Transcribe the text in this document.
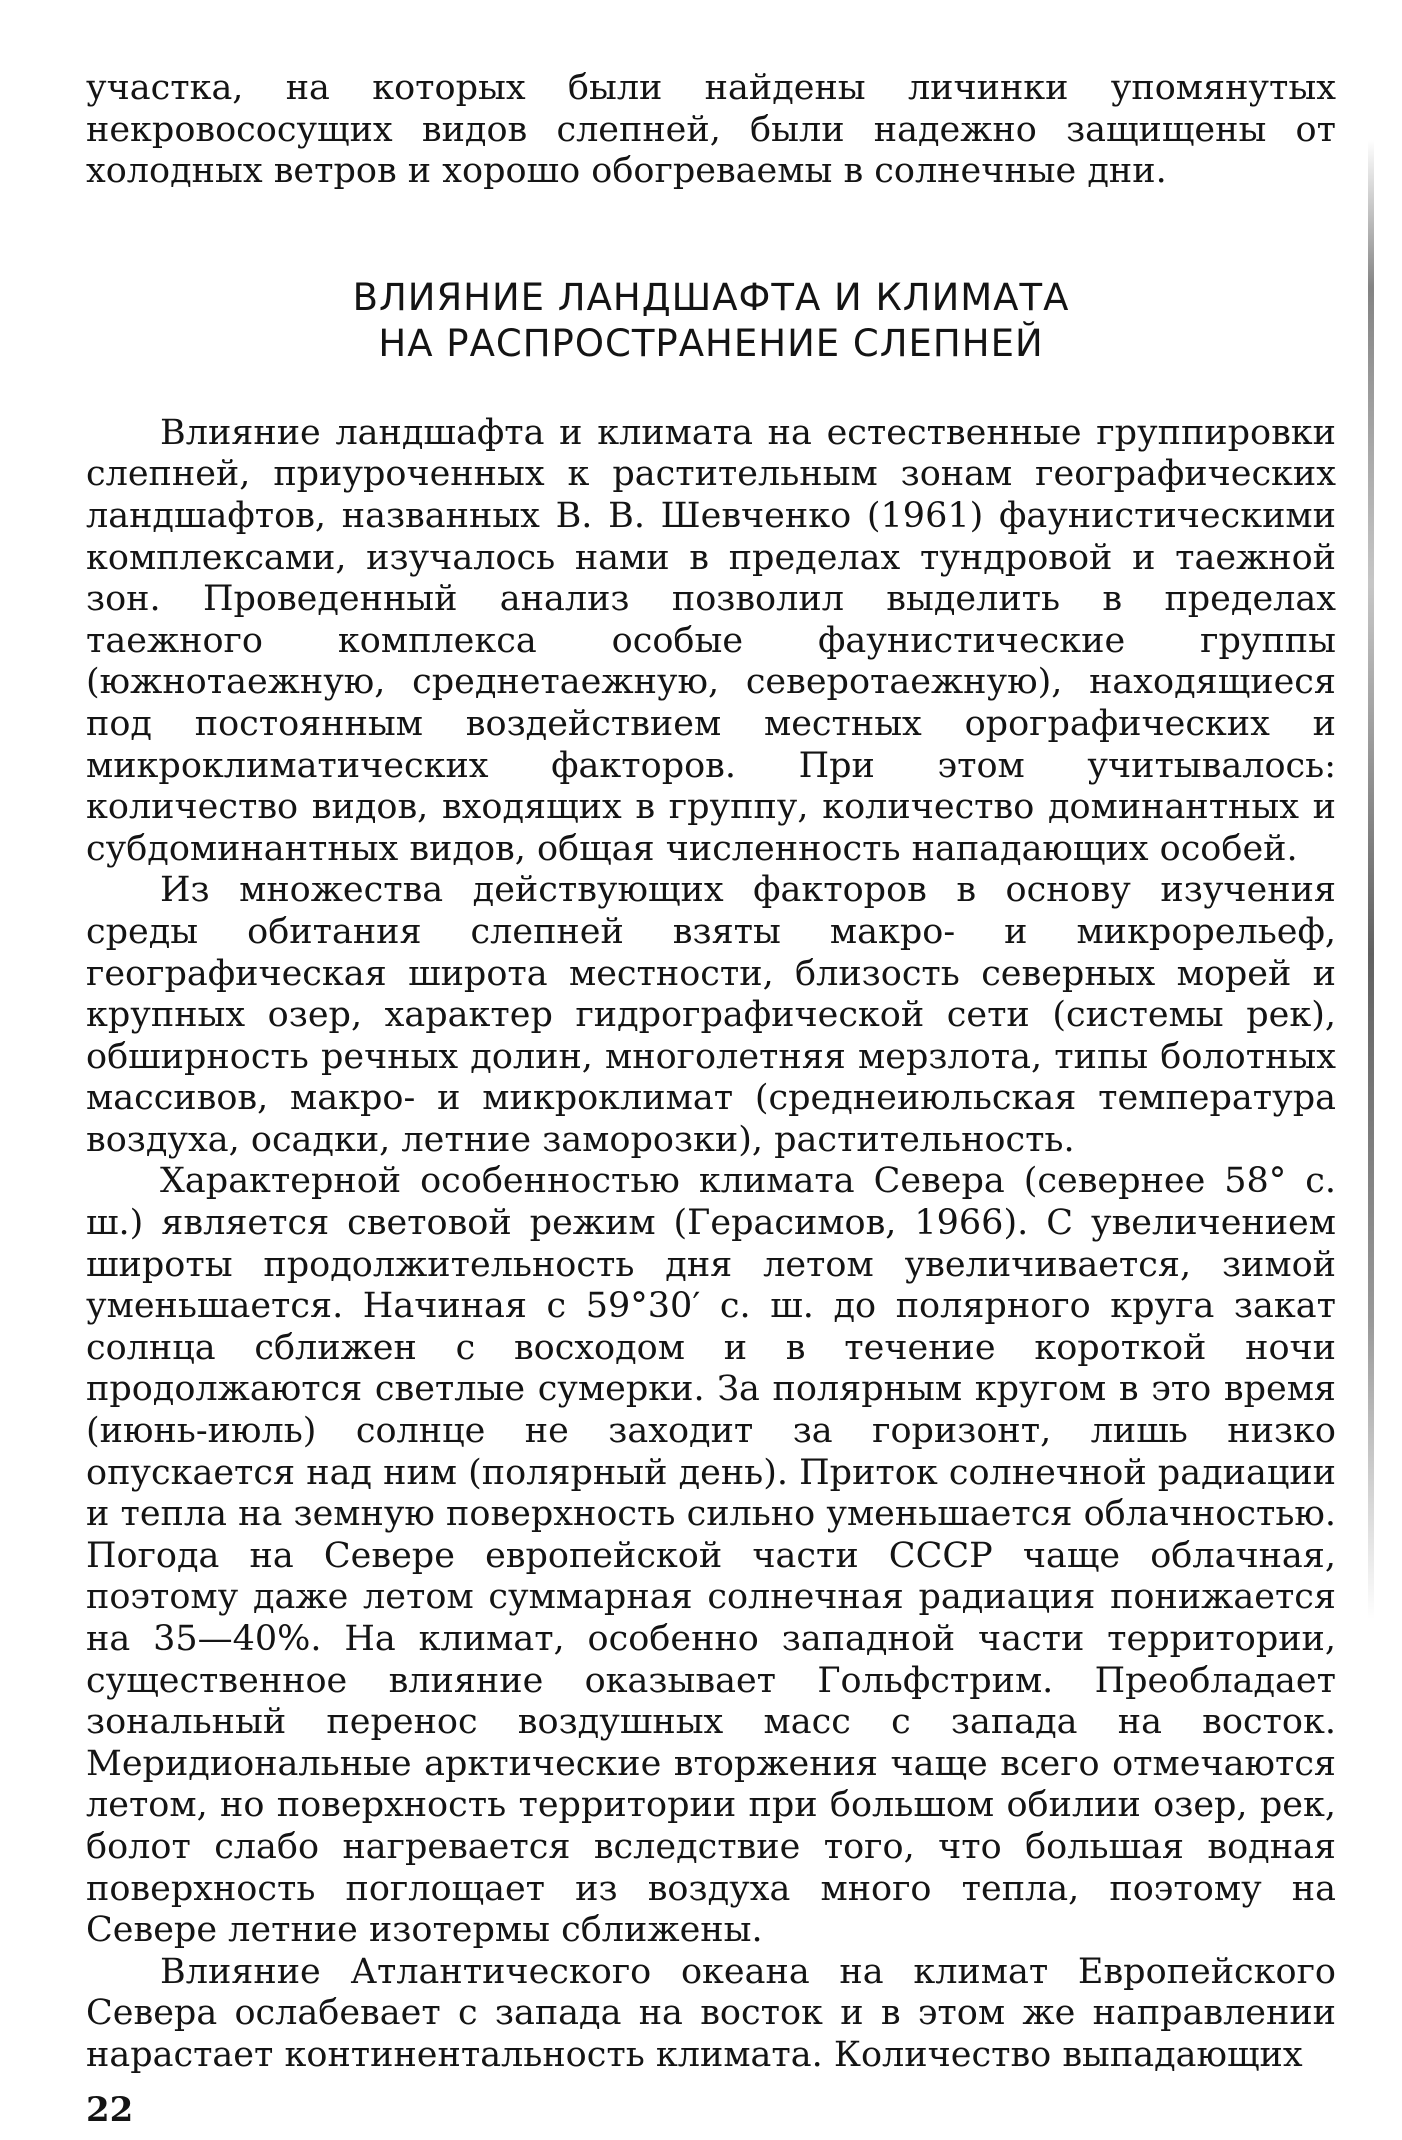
участка, на которых были найдены личинки упомянутых некровососущих видов слепней, были надежно защищены от холодных ветров и хорошо обогреваемы в солнечные дни.

ВЛИЯНИЕ ЛАНДШАФТА И КЛИМАТА
НА РАСПРОСТРАНЕНИЕ СЛЕПНЕЙ

Влияние ландшафта и климата на естественные группировки слепней, приуроченных к растительным зонам географических ландшафтов, названных В. В. Шевченко (1961) фаунистическими комплексами, изучалось нами в пределах тундровой и таежной зон. Проведенный анализ позволил выделить в пределах таежного комплекса особые фаунистические группы (южнотаежную, среднетаежную, северотаежную), находящиеся под постоянным воздействием местных орографических и микроклиматических факторов. При этом учитывалось: количество видов, входящих в группу, количество доминантных и субдоминантных видов, общая численность нападающих особей.

Из множества действующих факторов в основу изучения среды обитания слепней взяты макро- и микрорельеф, географическая широта местности, близость северных морей и крупных озер, характер гидрографической сети (системы рек), обширность речных долин, многолетняя мерзлота, типы болотных массивов, макро- и микроклимат (среднеиюльская температура воздуха, осадки, летние заморозки), растительность.

Характерной особенностью климата Севера (севернее 58° с. ш.) является световой режим (Герасимов, 1966). С увеличением широты продолжительность дня летом увеличивается, зимой уменьшается. Начиная с 59°30′ с. ш. до полярного круга закат солнца сближен с восходом и в течение короткой ночи продолжаются светлые сумерки. За полярным кругом в это время (июнь-июль) солнце не заходит за горизонт, лишь низко опускается над ним (полярный день). Приток солнечной радиации и тепла на земную поверхность сильно уменьшается облачностью. Погода на Севере европейской части СССР чаще облачная, поэтому даже летом суммарная солнечная радиация понижается на 35—40%. На климат, особенно западной части территории, существенное влияние оказывает Гольфстрим. Преобладает зональный перенос воздушных масс с запада на восток. Меридиональные арктические вторжения чаще всего отмечаются летом, но поверхность территории при большом обилии озер, рек, болот слабо нагревается вследствие того, что большая водная поверхность поглощает из воздуха много тепла, поэтому на Севере летние изотермы сближены.

Влияние Атлантического океана на климат Европейского Севера ослабевает с запада на восток и в этом же направлении нарастает континентальность климата. Количество выпадающих

22
